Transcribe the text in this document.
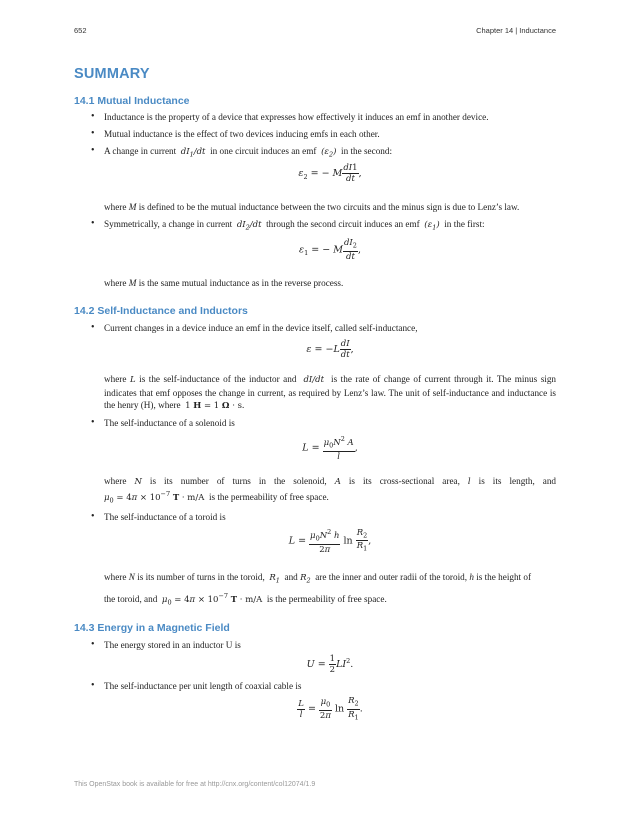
652	Chapter 14 | Inductance
SUMMARY
14.1 Mutual Inductance
• Inductance is the property of a device that expresses how effectively it induces an emf in another device.
• Mutual inductance is the effect of two devices inducing emfs in each other.
• A change in current $dI_1/dt$ in one circuit induces an emf $(\varepsilon_2)$ in the second:
$\varepsilon_2$ = − M $\frac{dI1}{dt}$ ,
where M is defined to be the mutual inductance between the two circuits and the minus sign is due to Lenz’s law.
• Symmetrically, a change in current $dI_2/dt$ through the second circuit induces an emf $(\varepsilon_1)$ in the first:
$\varepsilon_1$ = − M $\frac{dI_2}{dt}$ ,
where M is the same mutual inductance as in the reverse process.
14.2 Self-Inductance and Inductors
• Current changes in a device induce an emf in the device itself, called self-inductance,
$\varepsilon = -L \frac{dI}{dt}$ ,
where L is the self-inductance of the inductor and dI/dt is the rate of change of current through it. The minus sign indicates that emf opposes the change in current, as required by Lenz’s law. The unit of self-inductance and inductance is the henry (H), where 1 H = 1 Ω · s.
• The self-inductance of a solenoid is
$L = \frac{\mu_0N^2 A}{l}$ ,
where N is its number of turns in the solenoid, A is its cross-sectional area, l is its length, and
$\mu_0 = 4\pi \times 10^{-7}$ T · m/A is the permeability of free space.
• The self-inductance of a toroid is
$L = \frac{\mu_0N^2 h}{2\pi}$ $\ln \frac{R_2}{R_1}$ ,
where N is its number of turns in the toroid, $R_1$ and $R_2$ are the inner and outer radii of the toroid, h is the height of
the toroid, and $\mu_0 = 4\pi \times 10^{-7}$ T · m/A is the permeability of free space.
14.3 Energy in a Magnetic Field
• The energy stored in an inductor U is
$U = \frac{1}{2} LI^2$.
• The self-inductance per unit length of coaxial cable is
$\frac{L}{l} = \frac{\mu_0}{2\pi}$ $\ln \frac{R_2}{R_1}$ .
This OpenStax book is available for free at http://cnx.org/content/col12074/1.9
